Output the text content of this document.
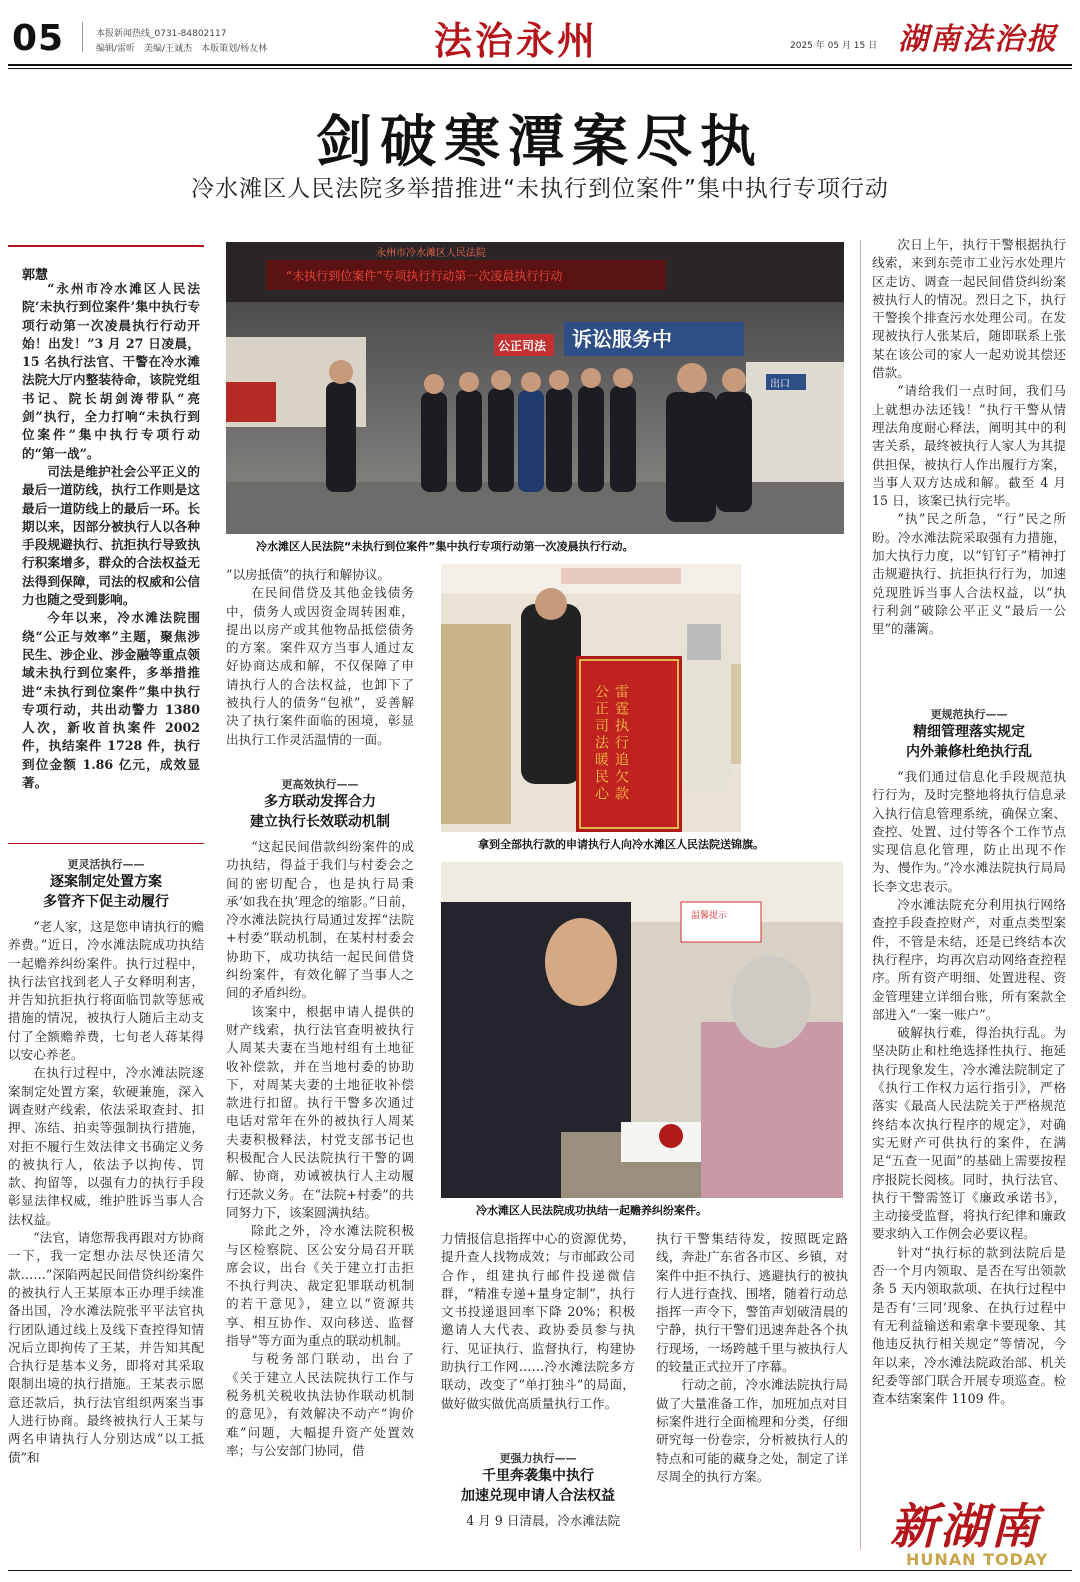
05	本报新闻热线_0731-84802117
编辑/雷昕　美编/王诚杰　本版策划/杨友林	法治永州	2025 年 05 月 15 日 湖南法治报
剑破寒潭案尽执
冷水滩区人民法院多举措推进“未执行到位案件”集中执行专项行动
郭慧

“永州市冷水滩区人民法院‘未执行到位案件’集中执行专项行动第一次凌晨执行行动开始！出发！”3 月 27 日凌晨，15 名执行法官、干警在冷水滩法院大厅内整装待命，该院党组书记、院长胡剑涛带队“亮剑”执行，全力打响“未执行到位案件”集中执行专项行动的“第一战”。

司法是维护社会公平正义的最后一道防线，执行工作则是这最后一道防线上的最后一环。长期以来，因部分被执行人以各种手段规避执行、抗拒执行导致执行积案增多，群众的合法权益无法得到保障，司法的权威和公信力也随之受到影响。

今年以来，冷水滩法院围绕“公正与效率”主题，聚焦涉民生、涉企业、涉金融等重点领域未执行到位案件，多举措推进“未执行到位案件”集中执行专项行动，共出动警力 1380 人次，新收首执案件 2002 件，执结案件 1728 件，执行到位金额 1.86 亿元，成效显著。

更灵活执行——
逐案制定处置方案
多管齐下促主动履行

“老人家，这是您申请执行的赡养费。”近日，冷水滩法院成功执结一起赡养纠纷案件。执行过程中，执行法官找到老人子女释明利害，并告知抗拒执行将面临罚款等惩戒措施的情况，被执行人随后主动支付了全额赡养费，七旬老人蒋某得以安心养老。

在执行过程中，冷水滩法院逐案制定处置方案，软硬兼施，深入调查财产线索，依法采取查封、扣押、冻结、拍卖等强制执行措施，对拒不履行生效法律文书确定义务的被执行人，依法予以拘传、罚款、拘留等，以强有力的执行手段彰显法律权威，维护胜诉当事人合法权益。

“法官，请您帮我再跟对方协商一下，我一定想办法尽快还清欠款……”深陷两起民间借贷纠纷案件的被执行人王某原本正办理手续准备出国，冷水滩法院张平平法官执行团队通过线上及线下查控得知情况后立即拘传了王某，并告知其配合执行是基本义务，即将对其采取限制出境的执行措施。王某表示愿意还款后，执行法官组织两案当事人进行协商。最终被执行人王某与两名申请执行人分别达成“以工抵债”和

“未执行到位案件”专项执行行动第一次凌晨执行行动
永州市冷水滩区人民法院
诉讼服务中
公正司法
出口
冷水滩区人民法院“未执行到位案件”集中执行专项行动第一次凌晨执行行动。

“以房抵债”的执行和解协议。

在民间借贷及其他金钱债务中，债务人或因资金周转困难，提出以房产或其他物品抵偿债务的方案。案件双方当事人通过友好协商达成和解，不仅保障了申请执行人的合法权益，也卸下了被执行人的债务“包袱”，妥善解决了执行案件面临的困境，彰显出执行工作灵活温情的一面。

更高效执行——
多方联动发挥合力
建立执行长效联动机制

“这起民间借款纠纷案件的成功执结，得益于我们与村委会之间的密切配合，也是执行局秉承‘如我在执’理念的缩影。”日前，冷水滩法院执行局通过发挥“法院+村委”联动机制，在某村村委会协助下，成功执结一起民间借贷纠纷案件，有效化解了当事人之间的矛盾纠纷。

该案中，根据申请人提供的财产线索，执行法官查明被执行人周某夫妻在当地村组有土地征收补偿款，并在当地村委的协助下，对周某夫妻的土地征收补偿款进行扣留。执行干警多次通过电话对常年在外的被执行人周某夫妻积极释法，村党支部书记也积极配合人民法院执行干警的调解、协商，劝诫被执行人主动履行还款义务。在“法院+村委”的共同努力下，该案圆满执结。

除此之外，冷水滩法院积极与区检察院、区公安分局召开联席会议，出台《关于建立打击拒不执行判决、裁定犯罪联动机制的若干意见》，建立以“资源共享、相互协作、双向移送、监督指导”等方面为重点的联动机制。

与税务部门联动，出台了《关于建立人民法院执行工作与税务机关税收执法协作联动机制的意见》，有效解决不动产“询价难”问题，大幅提升资产处置效率；与公安部门协同，借

雷霆执行追欠款
公正司法暖民心
拿到全部执行款的申请执行人向冷水滩区人民法院送锦旗。
温馨提示
冷水滩区人民法院成功执结一起赡养纠纷案件。

力情报信息指挥中心的资源优势，提升查人找物成效；与市邮政公司合作，组建执行邮件投递微信群，“精准专递+量身定制”，执行文书投递退回率下降 20%；积极邀请人大代表、政协委员参与执行、见证执行、监督执行，构建协助执行工作网……冷水滩法院多方联动，改变了“单打独斗”的局面，做好做实做优高质量执行工作。

更强力执行——
千里奔袭集中执行
加速兑现申请人合法权益

4 月 9 日清晨，冷水滩法院

执行干警集结待发，按照既定路线，奔赴广东省各市区、乡镇，对案件中拒不执行、逃避执行的被执行人进行查找、围堵，随着行动总指挥一声令下，警笛声划破清晨的宁静，执行干警们迅速奔赴各个执行现场，一场跨越千里与被执行人的较量正式拉开了序幕。

行动之前，冷水滩法院执行局做了大量准备工作，加班加点对目标案件进行全面梳理和分类，仔细研究每一份卷宗，分析被执行人的特点和可能的藏身之处，制定了详尽周全的执行方案。

次日上午，执行干警根据执行线索，来到东莞市工业污水处理片区走访、调查一起民间借贷纠纷案被执行人的情况。烈日之下，执行干警挨个排查污水处理公司。在发现被执行人张某后，随即联系上张某在该公司的家人一起劝说其偿还借款。

“请给我们一点时间，我们马上就想办法还钱！”执行干警从情理法角度耐心释法，阐明其中的利害关系，最终被执行人家人为其提供担保，被执行人作出履行方案，当事人双方达成和解。截至 4 月 15 日，该案已执行完毕。

“执”民之所急，“行”民之所盼。冷水滩法院采取强有力措施，加大执行力度，以“钉钉子”精神打击规避执行、抗拒执行行为，加速兑现胜诉当事人合法权益，以“执行利剑”破除公平正义“最后一公里”的藩篱。

更规范执行——
精细管理落实规定
内外兼修杜绝执行乱

“我们通过信息化手段规范执行行为，及时完整地将执行信息录入执行信息管理系统，确保立案、查控、处置、过付等各个工作节点实现信息化管理，防止出现不作为、慢作为。”冷水滩法院执行局局长李文忠表示。

冷水滩法院充分利用执行网络查控手段查控财产，对重点类型案件，不管是未结，还是已终结本次执行程序，均再次启动网络查控程序。所有资产明细、处置进程、资金管理建立详细台账，所有案款全部进入“一案一账户”。

破解执行难，得治执行乱。为坚决防止和杜绝选择性执行、拖延执行现象发生，冷水滩法院制定了《执行工作权力运行指引》，严格落实《最高人民法院关于严格规范终结本次执行程序的规定》，对确实无财产可供执行的案件，在满足“五查一见面”的基础上需要按程序报院长阅核。同时，执行法官、执行干警需签订《廉政承诺书》，主动接受监督，将执行纪律和廉政要求纳入工作例会必要议程。

针对“执行标的款到法院后是否一个月内领取、是否在写出领款条 5 天内领取款项、在执行过程中是否有‘三同’现象、在执行过程中有无利益输送和索拿卡要现象、其他违反执行相关规定”等情况，今年以来，冷水滩法院政治部、机关纪委等部门联合开展专项巡查。检查本结案案件 1109 件。

新湖南
HUNAN TODAY
